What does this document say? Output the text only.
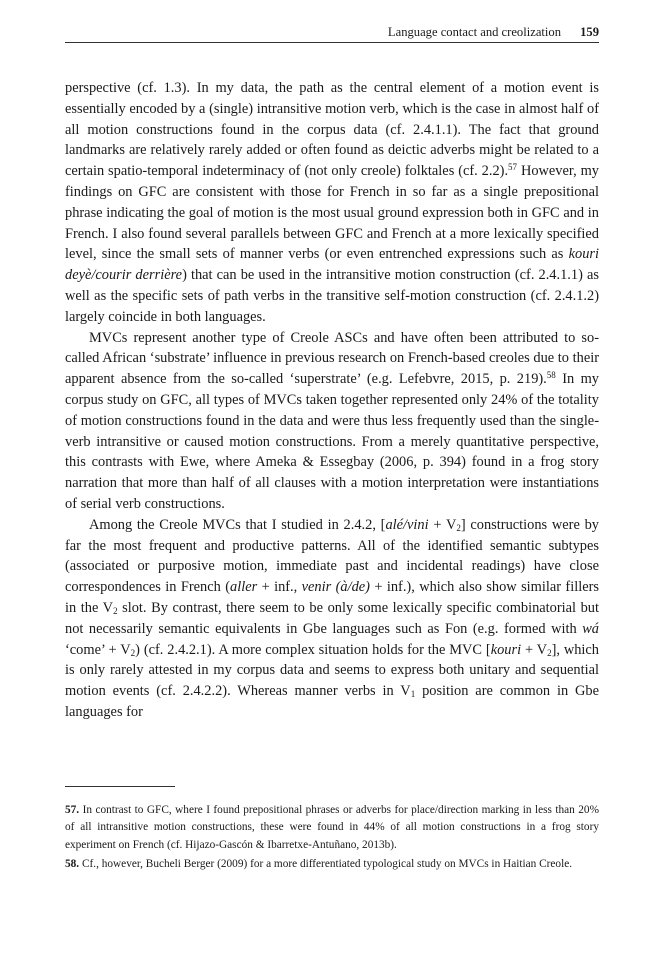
Language contact and creolization 159

perspective (cf. 1.3). In my data, the path as the central element of a motion event is essentially encoded by a (single) intransitive motion verb, which is the case in almost half of all motion constructions found in the corpus data (cf. 2.4.1.1). The fact that ground landmarks are relatively rarely added or often found as deictic adverbs might be related to a certain spatio-temporal indeterminacy of (not only creole) folktales (cf. 2.2).$^{57}$ However, my findings on GFC are consistent with those for French in so far as a single prepositional phrase indicating the goal of motion is the most usual ground expression both in GFC and in French. I also found several parallels between GFC and French at a more lexically specified level, since the small sets of manner verbs (or even entrenched expressions such as kouri deyè/courir derrière) that can be used in the intransitive motion construction (cf. 2.4.1.1) as well as the specific sets of path verbs in the transitive self-motion construction (cf. 2.4.1.2) largely coincide in both languages.

MVCs represent another type of Creole ASCs and have often been attributed to so-called African ‘substrate’ influence in previous research on French-based creoles due to their apparent absence from the so-called ‘superstrate’ (e.g. Lefebvre, 2015, p. 219).$^{58}$ In my corpus study on GFC, all types of MVCs taken together represented only 24% of the totality of motion constructions found in the data and were thus less frequently used than the single-verb intransitive or caused motion constructions. From a merely quantitative perspective, this contrasts with Ewe, where Ameka & Essegbay (2006, p. 394) found in a frog story narration that more than half of all clauses with a motion interpretation were instantiations of serial verb constructions.

Among the Creole MVCs that I studied in 2.4.2, [alé/vini + $V_2$] constructions were by far the most frequent and productive patterns. All of the identified semantic subtypes (associated or purposive motion, immediate past and incidental readings) have close correspondences in French (aller + inf., venir (à/de) + inf.), which also show similar fillers in the $V_2$ slot. By contrast, there seem to be only some lexically specific combinatorial but not necessarily semantic equivalents in Gbe languages such as Fon (e.g. formed with wá ‘come’ + $V_2$) (cf. 2.4.2.1). A more complex situation holds for the MVC [kouri + $V_2$], which is only rarely attested in my corpus data and seems to express both unitary and sequential motion events (cf. 2.4.2.2). Whereas manner verbs in $V_1$ position are common in Gbe languages for

57. In contrast to GFC, where I found prepositional phrases or adverbs for place/direction marking in less than 20% of all intransitive motion constructions, these were found in 44% of all motion constructions in a frog story experiment on French (cf. Hijazo-Gascón & Ibarretxe-Antuñano, 2013b).

58. Cf., however, Bucheli Berger (2009) for a more differentiated typological study on MVCs in Haitian Creole.
